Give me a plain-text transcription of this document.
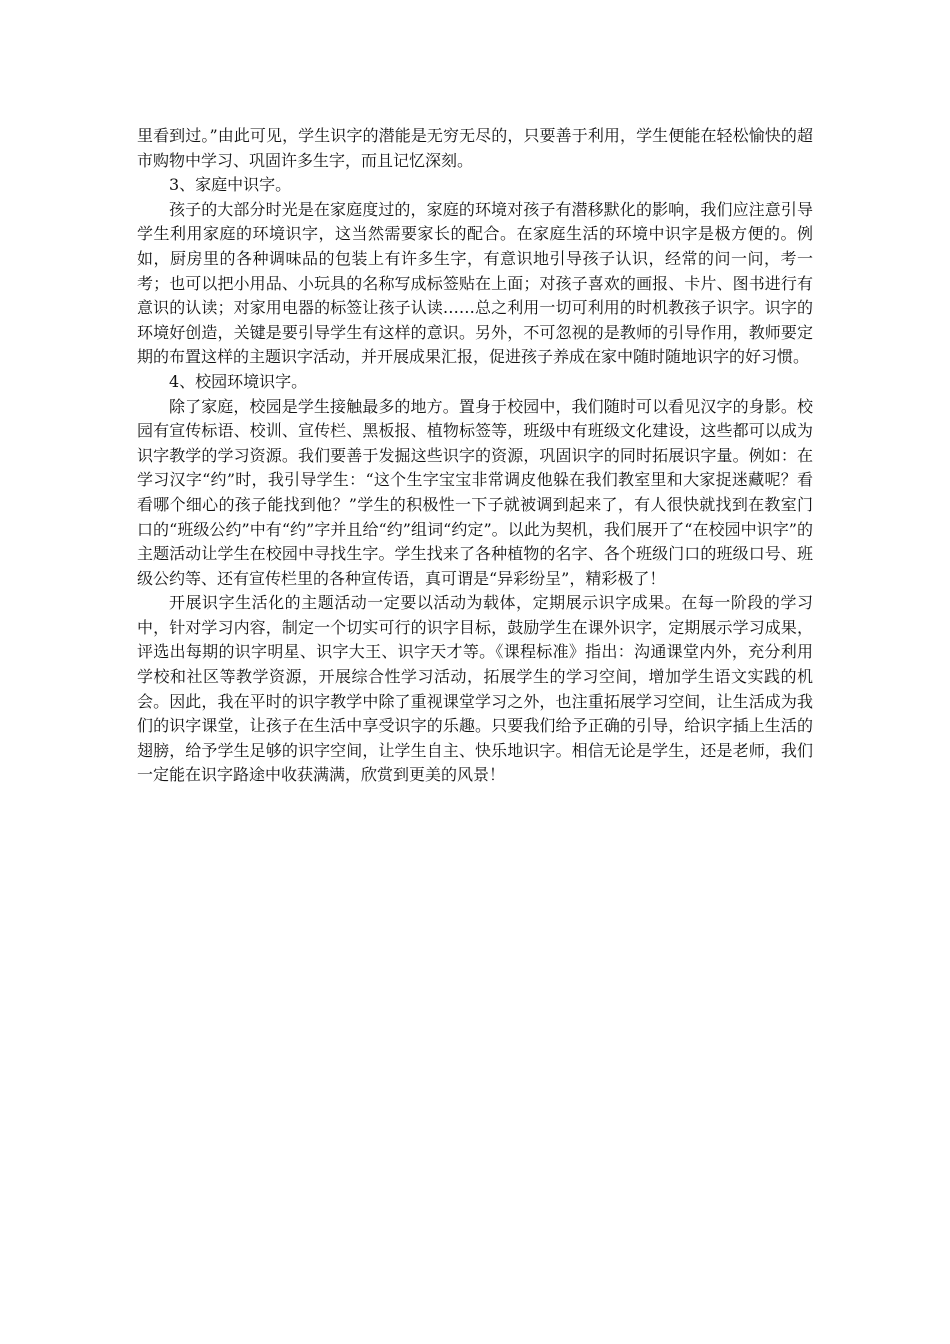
里看到过。”由此可见，学生识字的潜能是无穷无尽的，只要善于利用，学生便能在轻松愉快的超市购物中学习、巩固许多生字，而且记忆深刻。

3、家庭中识字。

孩子的大部分时光是在家庭度过的，家庭的环境对孩子有潜移默化的影响，我们应注意引导学生利用家庭的环境识字，这当然需要家长的配合。在家庭生活的环境中识字是极方便的。例如，厨房里的各种调味品的包装上有许多生字，有意识地引导孩子认识，经常的问一问，考一考；也可以把小用品、小玩具的名称写成标签贴在上面；对孩子喜欢的画报、卡片、图书进行有意识的认读；对家用电器的标签让孩子认读……总之利用一切可利用的时机教孩子识字。识字的环境好创造，关键是要引导学生有这样的意识。另外，不可忽视的是教师的引导作用，教师要定期的布置这样的主题识字活动，并开展成果汇报，促进孩子养成在家中随时随地识字的好习惯。

4、校园环境识字。

除了家庭，校园是学生接触最多的地方。置身于校园中，我们随时可以看见汉字的身影。校园有宣传标语、校训、宣传栏、黑板报、植物标签等，班级中有班级文化建设，这些都可以成为识字教学的学习资源。我们要善于发掘这些识字的资源，巩固识字的同时拓展识字量。例如：在学习汉字“约”时，我引导学生：“这个生字宝宝非常调皮他躲在我们教室里和大家捉迷藏呢？看看哪个细心的孩子能找到他？”学生的积极性一下子就被调到起来了，有人很快就找到在教室门口的“班级公约”中有“约”字并且给“约”组词“约定”。以此为契机，我们展开了“在校园中识字”的主题活动让学生在校园中寻找生字。学生找来了各种植物的名字、各个班级门口的班级口号、班级公约等、还有宣传栏里的各种宣传语，真可谓是“异彩纷呈”，精彩极了！

开展识字生活化的主题活动一定要以活动为载体，定期展示识字成果。在每一阶段的学习中，针对学习内容，制定一个切实可行的识字目标，鼓励学生在课外识字，定期展示学习成果，评选出每期的识字明星、识字大王、识字天才等。《课程标准》指出：沟通课堂内外，充分利用学校和社区等教学资源，开展综合性学习活动，拓展学生的学习空间，增加学生语文实践的机会。因此，我在平时的识字教学中除了重视课堂学习之外，也注重拓展学习空间，让生活成为我们的识字课堂，让孩子在生活中享受识字的乐趣。只要我们给予正确的引导，给识字插上生活的翅膀，给予学生足够的识字空间，让学生自主、快乐地识字。相信无论是学生，还是老师，我们一定能在识字路途中收获满满，欣赏到更美的风景！
